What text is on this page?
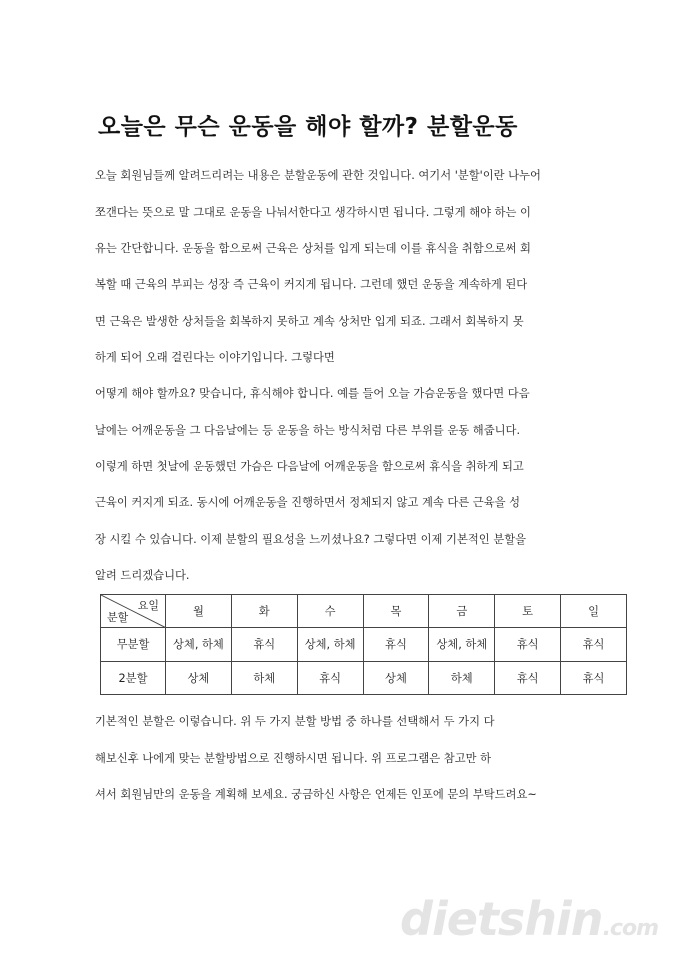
오늘은 무슨 운동을 해야 할까? 분할운동
오늘 회원님들께 알려드리려는 내용은 분할운동에 관한 것입니다. 여기서 '분할'이란 나누어
쪼갠다는 뜻으로 말 그대로 운동을 나눠서한다고 생각하시면 됩니다. 그렇게 해야 하는 이
유는 간단합니다. 운동을 함으로써 근육은 상처를 입게 되는데 이를 휴식을 취함으로써 회
복할 때 근육의 부피는 성장 즉 근육이 커지게 됩니다. 그런데 했던 운동을 계속하게 된다
면 근육은 발생한 상처들을 회복하지 못하고 계속 상처만 입게 되죠. 그래서 회복하지 못
하게 되어 오래 걸린다는 이야기입니다. 그렇다면
어떻게 해야 할까요? 맞습니다, 휴식해야 합니다. 예를 들어 오늘 가슴운동을 했다면 다음
날에는 어깨운동을 그 다음날에는 등 운동을 하는 방식처럼 다른 부위를 운동 해줍니다.
이렇게 하면 첫날에 운동했던 가슴은 다음날에 어깨운동을 함으로써 휴식을 취하게 되고
근육이 커지게 되죠. 동시에 어깨운동을 진행하면서 정체되지 않고 계속 다른 근육을 성
장 시킬 수 있습니다. 이제 분할의 필요성을 느끼셨나요? 그렇다면 이제 기본적인 분할을
알려 드리겠습니다.
요일
분할	월	화	수	목	금	토	일
무분할	상체, 하체	휴식	상체, 하체	휴식	상체, 하체	휴식	휴식
2분할	상체	하체	휴식	상체	하체	휴식	휴식
기본적인 분할은 이렇습니다. 위 두 가지 분할 방법 중 하나를 선택해서 두 가지 다
해보신후 나에게 맞는 분할방법으로 진행하시면 됩니다. 위 프로그램은 참고만 하
셔서 회원님만의 운동을 계획해 보세요. 궁금하신 사항은 언제든 인포에 문의 부탁드려요~
dietshin.com
